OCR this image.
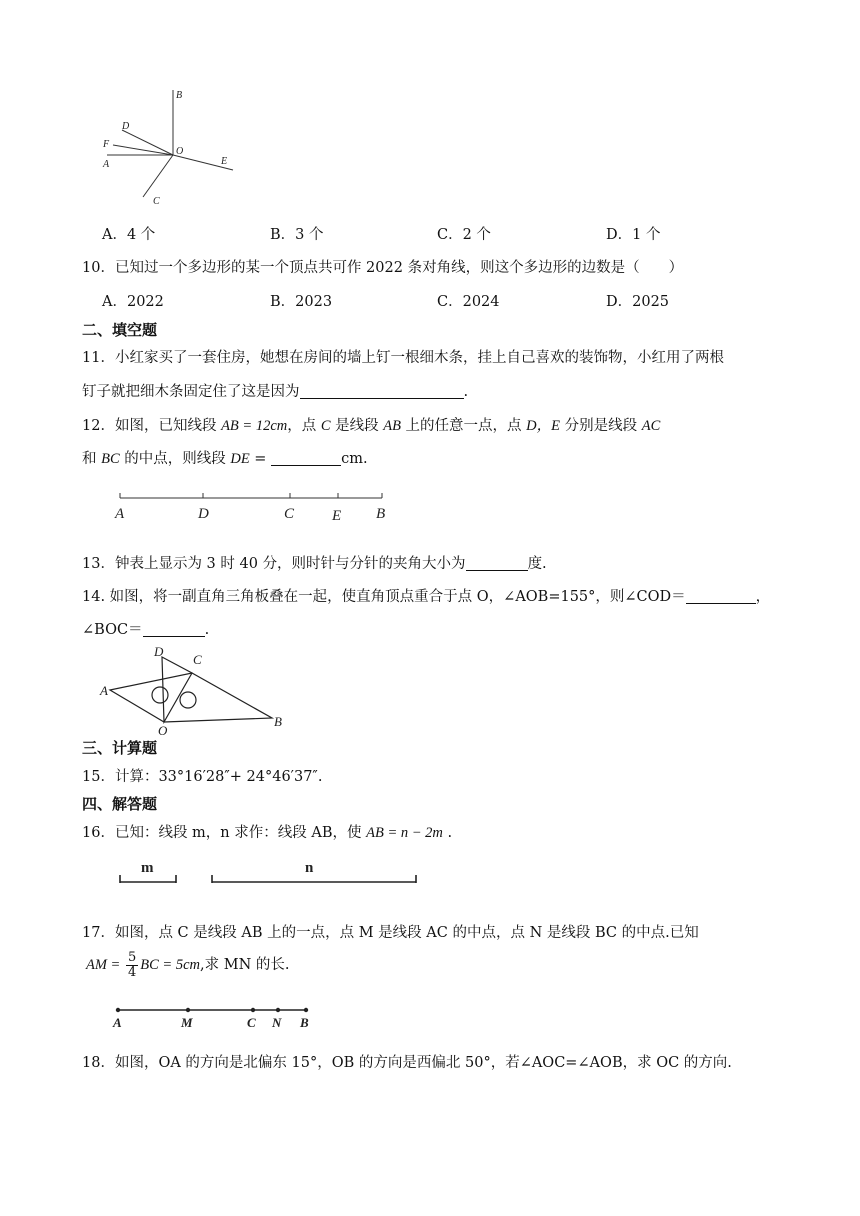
B
D
F
A
O
E
C
A．4 个	B．3 个	C．2 个	D．1 个
10．已知过一个多边形的某一个顶点共可作 2022 条对角线，则这个多边形的边数是（　　）
A．2022	B．2023	C．2024	D．2025
二、填空题
11．小红家买了一套住房，她想在房间的墙上钉一根细木条，挂上自己喜欢的装饰物，小红用了两根
钉子就把细木条固定住了这是因为	.
12．如图，已知线段 AB = 12cm，点 C 是线段 AB 上的任意一点，点 D，E 分别是线段 AC
和 BC 的中点，则线段 DE =	cm.
A	D	C	E B
13．钟表上显示为 3 时 40 分，则时针与分针的夹角大小为	度.
14. 如图，将一副直角三角板叠在一起，使直角顶点重合于点 O，∠AOB=155°，则∠COD＝	，
∠BOC＝	.
D
C
A
O
B
三、计算题
15．计算：33°16′28″+ 24°46′37″.
四、解答题
16．已知：线段 m，n 求作：线段 AB，使 AB = n − 2m .
m	n
17．如图，点 C 是线段 AB 上的一点，点 M 是线段 AC 的中点，点 N 是线段 BC 的中点.已知
AM = $\frac{5}{4}$ BC = 5cm,求 MN 的长.
A	M	C N B
18．如图，OA 的方向是北偏东 15°，OB 的方向是西偏北 50°，若∠AOC=∠AOB，求 OC 的方向.
